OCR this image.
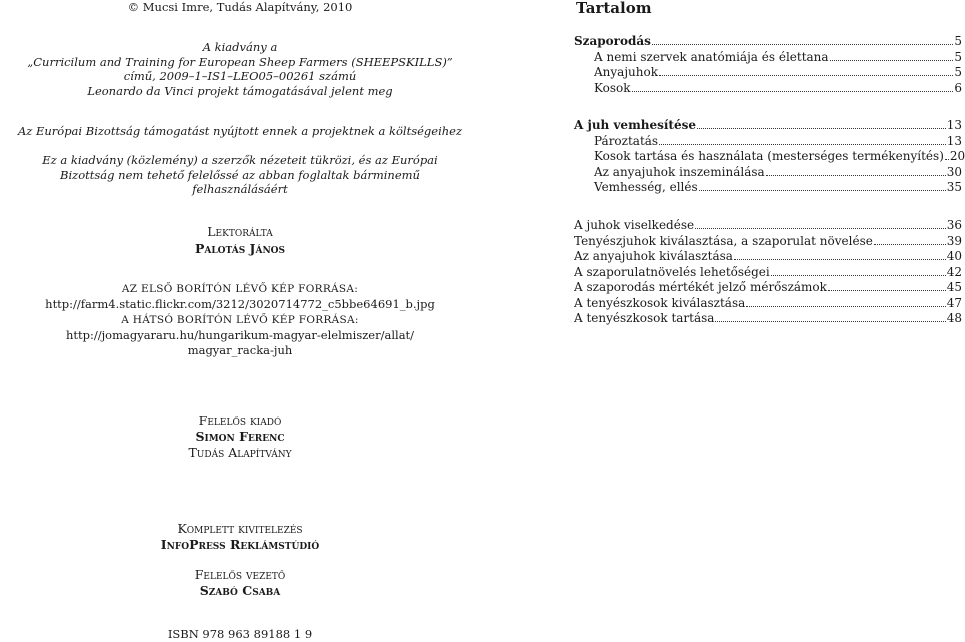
© Mucsi Imre, Tudás Alapítvány, 2010
A kiadvány a
„Curricilum and Training for European Sheep Farmers (SHEEPSKILLS)”
című, 2009–1–IS1–LEO05–00261 számú
Leonardo da Vinci projekt támogatásával jelent meg
Az Európai Bizottság támogatást nyújtott ennek a projektnek a költségeihez
Ez a kiadvány (közlemény) a szerzők nézeteit tükrözi, és az Európai
Bizottság nem tehető felelőssé az abban foglaltak bárminemű
felhasználásáért
Lektorálta
Palotás János
AZ ELSŐ BORÍTÓN LÉVŐ KÉP FORRÁSA:
http://farm4.static.flickr.com/3212/3020714772_c5bbe64691_b.jpg
A HÁTSÓ BORÍTÓN LÉVŐ KÉP FORRÁSA:
http://jomagyararu.hu/hungarikum-magyar-elelmiszer/allat/
magyar_racka-juh
Felelős kiadó
Simon Ferenc
Tudás Alapítvány
Komplett kivitelezés
InfoPress Reklámstúdió
Felelős vezető
Szabó Csaba
ISBN 978 963 89188 1 9
Tartalom
Szaporodás	5
A nemi szervek anatómiája és élettana	5
Anyajuhok	5
Kosok	6
A juh vemhesítése	13
Pároztatás	13
Kosok tartása és használata (mesterséges termékenyítés) 20
Az anyajuhok inszeminálása	30
Vemhesség, ellés	35
A juhok viselkedése	36
Tenyészjuhok kiválasztása, a szaporulat növelése	39
Az anyajuhok kiválasztása	40
A szaporulatnövelés lehetőségei	42
A szaporodás mértékét jelző mérőszámok	45
A tenyészkosok kiválasztása	47
A tenyészkosok tartása	48
